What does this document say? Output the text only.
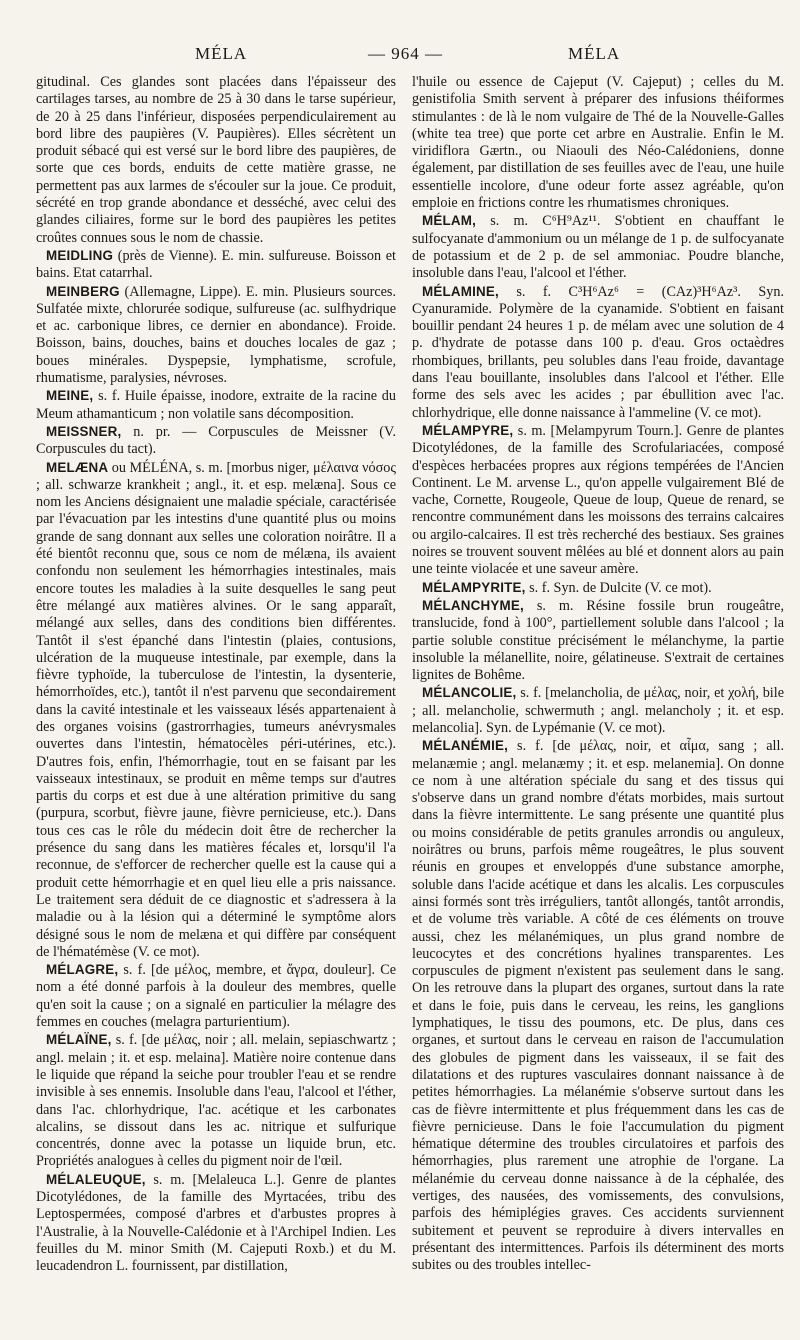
MÉLA	— 964 —	MÉLA

gitudinal. Ces glandes sont placées dans l'épaisseur des cartilages tarses, au nombre de 25 à 30 dans le tarse supérieur, de 20 à 25 dans l'inférieur, disposées perpendiculairement au bord libre des paupières (V. Paupières). Elles sécrètent un produit sébacé qui est versé sur le bord libre des paupières, de sorte que ces bords, enduits de cette matière grasse, ne permettent pas aux larmes de s'écouler sur la joue. Ce produit, sécrété en trop grande abondance et desséché, avec celui des glandes ciliaires, forme sur le bord des paupières les petites croûtes connues sous le nom de chassie.

MEIDLING (près de Vienne). E. min. sulfureuse. Boisson et bains. Etat catarrhal.

MEINBERG (Allemagne, Lippe). E. min. Plusieurs sources. Sulfatée mixte, chlorurée sodique, sulfureuse (ac. sulfhydrique et ac. carbonique libres, ce dernier en abondance). Froide. Boisson, bains, douches, bains et douches locales de gaz ; boues minérales. Dyspepsie, lymphatisme, scrofule, rhumatisme, paralysies, névroses.

MEINE, s. f. Huile épaisse, inodore, extraite de la racine du Meum athamanticum ; non volatile sans décomposition.

MEISSNER, n. pr. — Corpuscules de Meissner (V. Corpuscules du tact).

MELÆNA ou MÉLÉNA, s. m. [morbus niger, μέλαινα νόσος ; all. schwarze krankheit ; angl., it. et esp. melæna]. Sous ce nom les Anciens désignaient une maladie spéciale, caractérisée par l'évacuation par les intestins d'une quantité plus ou moins grande de sang donnant aux selles une coloration noirâtre. Il a été bientôt reconnu que, sous ce nom de mélæna, ils avaient confondu non seulement les hémorrhagies intestinales, mais encore toutes les maladies à la suite desquelles le sang peut être mélangé aux matières alvines. Or le sang apparaît, mélangé aux selles, dans des conditions bien différentes. Tantôt il s'est épanché dans l'intestin (plaies, contusions, ulcération de la muqueuse intestinale, par exemple, dans la fièvre typhoïde, la tuberculose de l'intestin, la dysenterie, hémorrhoïdes, etc.), tantôt il n'est parvenu que secondairement dans la cavité intestinale et les vaisseaux lésés appartenaient à des organes voisins (gastrorrhagies, tumeurs anévrysmales ouvertes dans l'intestin, hématocèles péri-utérines, etc.). D'autres fois, enfin, l'hémorrhagie, tout en se faisant par les vaisseaux intestinaux, se produit en même temps sur d'autres partis du corps et est due à une altération primitive du sang (purpura, scorbut, fièvre jaune, fièvre pernicieuse, etc.). Dans tous ces cas le rôle du médecin doit être de rechercher la présence du sang dans les matières fécales et, lorsqu'il l'a reconnue, de s'efforcer de rechercher quelle est la cause qui a produit cette hémorrhagie et en quel lieu elle a pris naissance. Le traitement sera déduit de ce diagnostic et s'adressera à la maladie ou à la lésion qui a déterminé le symptôme alors désigné sous le nom de melæna et qui diffère par conséquent de l'hématémèse (V. ce mot).

MÉLAGRE, s. f. [de μέλος, membre, et ἄγρα, douleur]. Ce nom a été donné parfois à la douleur des membres, quelle qu'en soit la cause ; on a signalé en particulier la mélagre des femmes en couches (melagra parturientium).

MÉLAÏNE, s. f. [de μέλας, noir ; all. melain, sepiaschwartz ; angl. melain ; it. et esp. melaina]. Matière noire contenue dans le liquide que répand la seiche pour troubler l'eau et se rendre invisible à ses ennemis. Insoluble dans l'eau, l'alcool et l'éther, dans l'ac. chlorhydrique, l'ac. acétique et les carbonates alcalins, se dissout dans les ac. nitrique et sulfurique concentrés, donne avec la potasse un liquide brun, etc. Propriétés analogues à celles du pigment noir de l'œil.

MÉLALEUQUE, s. m. [Melaleuca L.]. Genre de plantes Dicotylédones, de la famille des Myrtacées, tribu des Leptospermées, composé d'arbres et d'arbustes propres à l'Australie, à la Nouvelle-Calédonie et à l'Archipel Indien. Les feuilles du M. minor Smith (M. Cajeputi Roxb.) et du M. leucadendron L. fournissent, par distillation,

l'huile ou essence de Cajeput (V. Cajeput) ; celles du M. genistifolia Smith servent à préparer des infusions théiformes stimulantes : de là le nom vulgaire de Thé de la Nouvelle-Galles (white tea tree) que porte cet arbre en Australie. Enfin le M. viridiflora Gærtn., ou Niaouli des Néo-Calédoniens, donne également, par distillation de ses feuilles avec de l'eau, une huile essentielle incolore, d'une odeur forte assez agréable, qu'on emploie en frictions contre les rhumatismes chroniques.

MÉLAM, s. m. C⁶H⁹Az¹¹. S'obtient en chauffant le sulfocyanate d'ammonium ou un mélange de 1 p. de sulfocyanate de potassium et de 2 p. de sel ammoniac. Poudre blanche, insoluble dans l'eau, l'alcool et l'éther.

MÉLAMINE, s. f. C³H⁶Az⁶ = (CAz)³H⁶Az³. Syn. Cyanuramide. Polymère de la cyanamide. S'obtient en faisant bouillir pendant 24 heures 1 p. de mélam avec une solution de 4 p. d'hydrate de potasse dans 100 p. d'eau. Gros octaèdres rhombiques, brillants, peu solubles dans l'eau froide, davantage dans l'eau bouillante, insolubles dans l'alcool et l'éther. Elle forme des sels avec les acides ; par ébullition avec l'ac. chlorhydrique, elle donne naissance à l'ammeline (V. ce mot).

MÉLAMPYRE, s. m. [Melampyrum Tourn.]. Genre de plantes Dicotylédones, de la famille des Scrofulariacées, composé d'espèces herbacées propres aux régions tempérées de l'Ancien Continent. Le M. arvense L., qu'on appelle vulgairement Blé de vache, Cornette, Rougeole, Queue de loup, Queue de renard, se rencontre communément dans les moissons des terrains calcaires ou argilo-calcaires. Il est très recherché des bestiaux. Ses graines noires se trouvent souvent mêlées au blé et donnent alors au pain une teinte violacée et une saveur amère.

MÉLAMPYRITE, s. f. Syn. de Dulcite (V. ce mot).

MÉLANCHYME, s. m. Résine fossile brun rougeâtre, translucide, fond à 100°, partiellement soluble dans l'alcool ; la partie soluble constitue précisément le mélanchyme, la partie insoluble la mélanellite, noire, gélatineuse. S'extrait de certaines lignites de Bohême.

MÉLANCOLIE, s. f. [melancholia, de μέλας, noir, et χολή, bile ; all. melancholie, schwermuth ; angl. melancholy ; it. et esp. melancolia]. Syn. de Lypémanie (V. ce mot).

MÉLANÉMIE, s. f. [de μέλας, noir, et αἷμα, sang ; all. melanæmie ; angl. melanæmy ; it. et esp. melanemia]. On donne ce nom à une altération spéciale du sang et des tissus qui s'observe dans un grand nombre d'états morbides, mais surtout dans la fièvre intermittente. Le sang présente une quantité plus ou moins considérable de petits granules arrondis ou anguleux, noirâtres ou bruns, parfois même rougeâtres, le plus souvent réunis en groupes et enveloppés d'une substance amorphe, soluble dans l'acide acétique et dans les alcalis. Les corpuscules ainsi formés sont très irréguliers, tantôt allongés, tantôt arrondis, et de volume très variable. A côté de ces éléments on trouve aussi, chez les mélanémiques, un plus grand nombre de leucocytes et des concrétions hyalines transparentes. Les corpuscules de pigment n'existent pas seulement dans le sang. On les retrouve dans la plupart des organes, surtout dans la rate et dans le foie, puis dans le cerveau, les reins, les ganglions lymphatiques, le tissu des poumons, etc. De plus, dans ces organes, et surtout dans le cerveau en raison de l'accumulation des globules de pigment dans les vaisseaux, il se fait des dilatations et des ruptures vasculaires donnant naissance à de petites hémorrhagies. La mélanémie s'observe surtout dans les cas de fièvre intermittente et plus fréquemment dans les cas de fièvre pernicieuse. Dans le foie l'accumulation du pigment hématique détermine des troubles circulatoires et parfois des hémorrhagies, plus rarement une atrophie de l'organe. La mélanémie du cerveau donne naissance à de la céphalée, des vertiges, des nausées, des vomissements, des convulsions, parfois des hémiplégies graves. Ces accidents surviennent subitement et peuvent se reproduire à divers intervalles en présentant des intermittences. Parfois ils déterminent des morts subites ou des troubles intellec-
